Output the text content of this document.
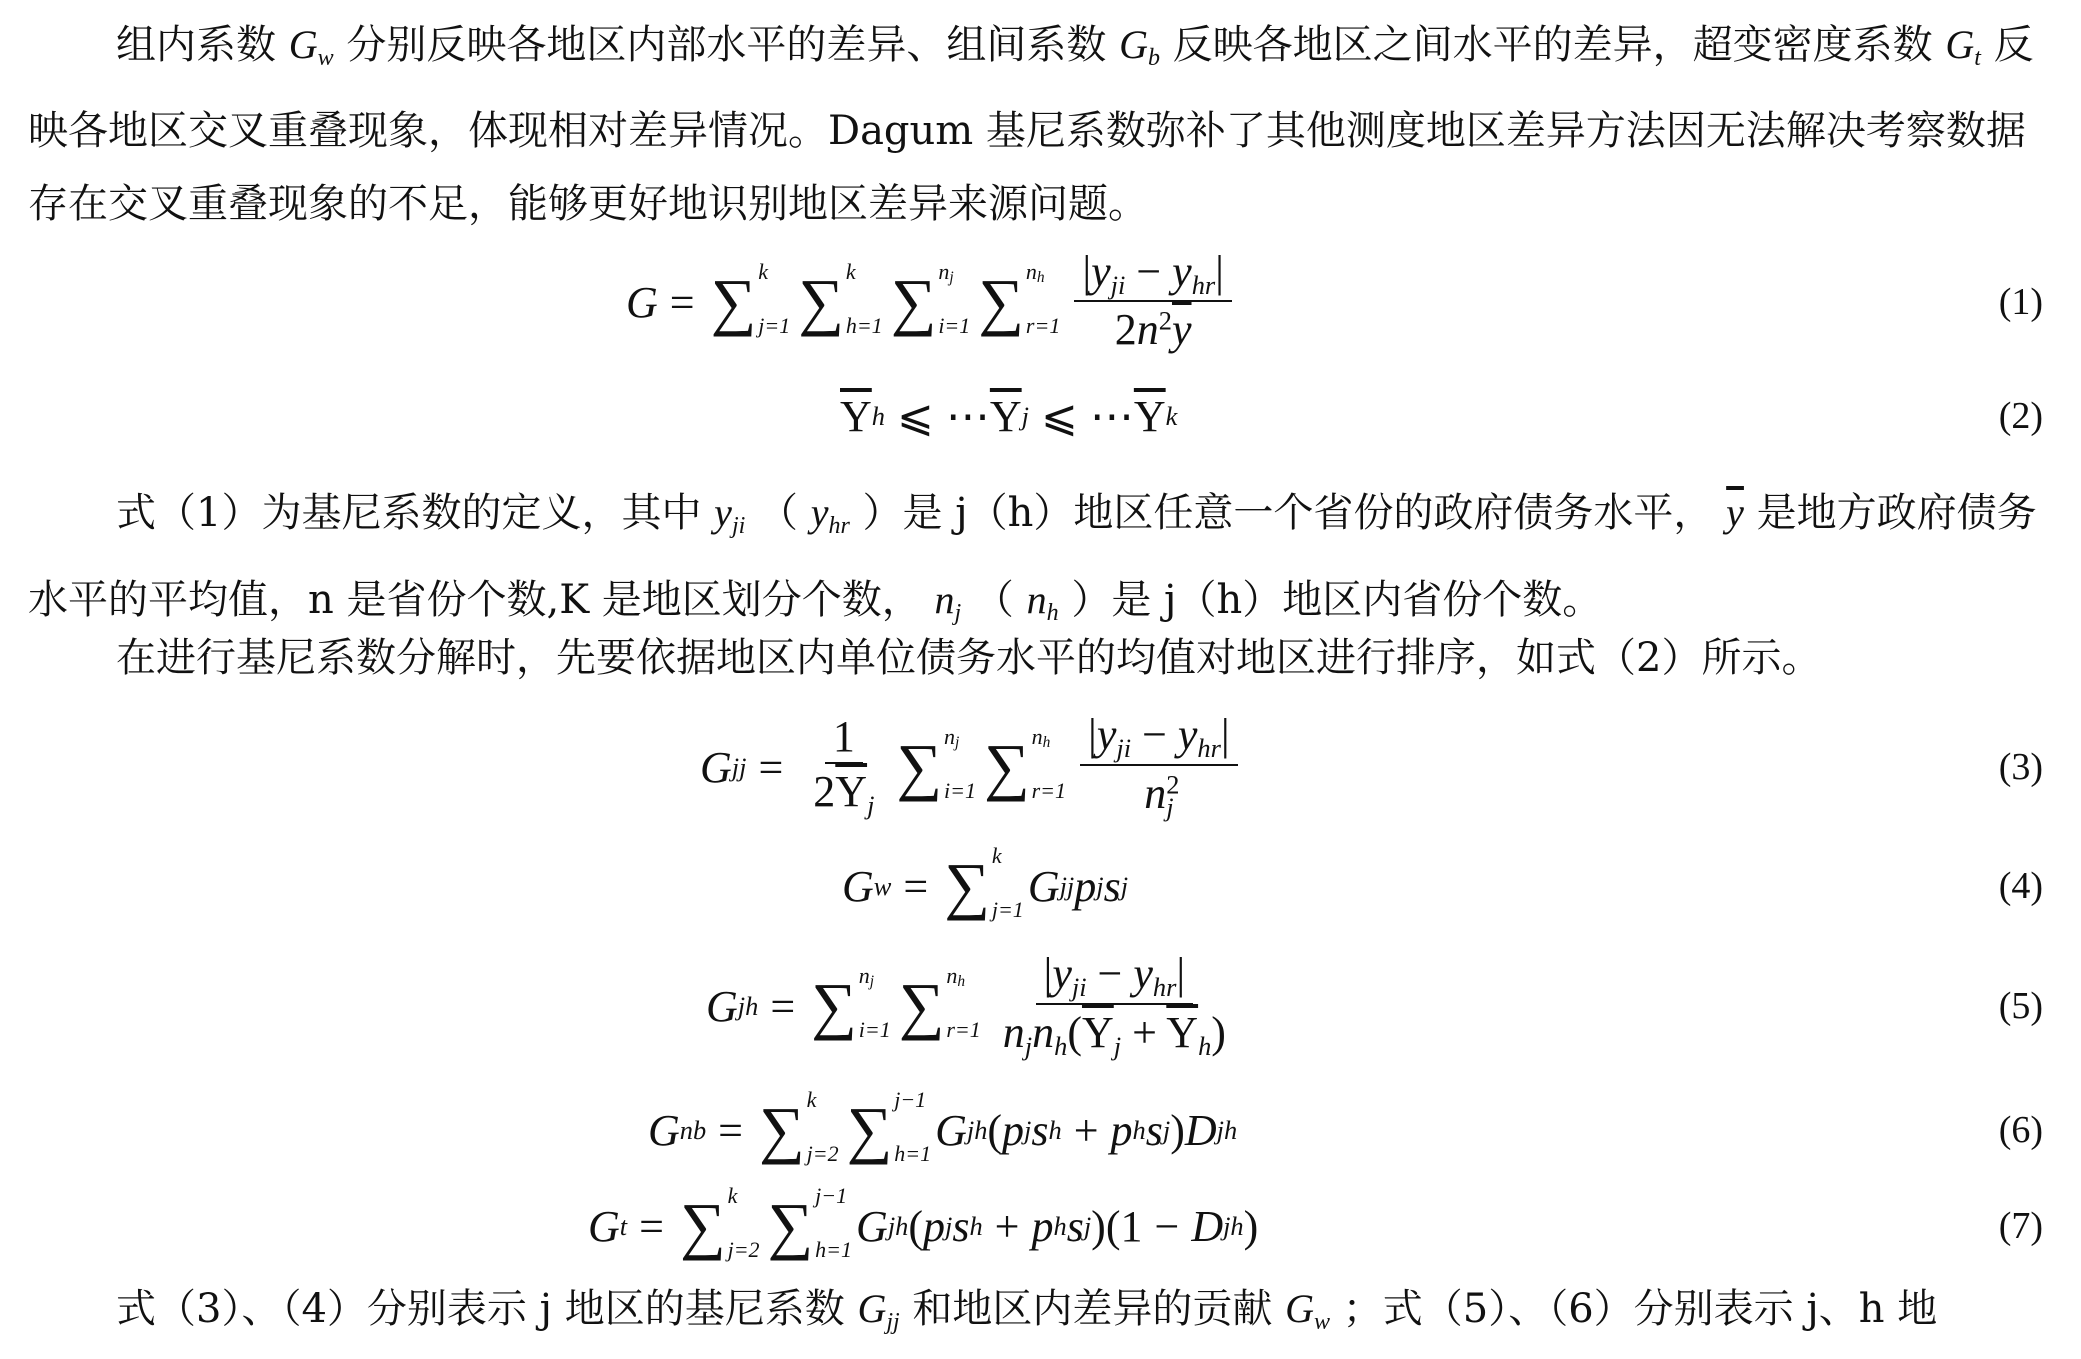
组内系数 $G_w$ 分别反映各地区内部水平的差异、组间系数 $G_b$ 反映各地区之间水平的差异，超变密度系数 $G_t$ 反映各地区交叉重叠现象，体现相对差异情况。Dagum 基尼系数弥补了其他测度地区差异方法因无法解决考察数据存在交叉重叠现象的不足，能够更好地识别地区差异来源问题。
G = ∑ k
j=1 ∑ k
h=1 ∑ nj
i=1 ∑ nh
$r=1 \frac{|y_{ji} - y_{hr}|}{2n^2\overline{y}}$	(1)
$\overline{Y}$ h ⩽ ⋯ $\overline{Y}$ j ⩽ ⋯ $\overline{Y}$ k	(2)
式（1）为基尼系数的定义，其中 $y_{ji}$ （ $y_{hr}$ ）是 j（h）地区任意一个省份的政府债务水平， $\overline{y}$ 是地方政府债务水平的平均值，n 是省份个数,K 是地区划分个数， $n_j$ （ $n_h$ ）是 j（h）地区内省份个数。
在进行基尼系数分解时，先要依据地区内单位债务水平的均值对地区进行排序，如式（2）所示。
G jj = $\frac{1}{2\overline{Y}_j}$ ∑ nj
i=1 ∑ nh
$r=1 \frac{|y_{ji} - y_{hr}|}{n^2_j}$	(3)
G w = ∑ k
j=1 G jj p j s j	(4)
G jh = ∑ nj
i=1 ∑ nh
$r=1 \frac{|y_{ji} - y_{hr}|}{n_jn_h(\overline{Y}_j + \overline{Y}_h)}$	(5)
G nb = ∑ k
j=2 ∑ j−1
h=1 G jh ( p j s h + p h s j ) D jh	(6)
G t = ∑ k
j=2 ∑ j−1
h=1 G jh ( p j s h + p h s j )(1 − D jh )	(7)
式（3）、（4）分别表示 j 地区的基尼系数 $G_{jj}$ 和地区内差异的贡献 $G_w$ ；式（5）、（6）分别表示 j、h 地
